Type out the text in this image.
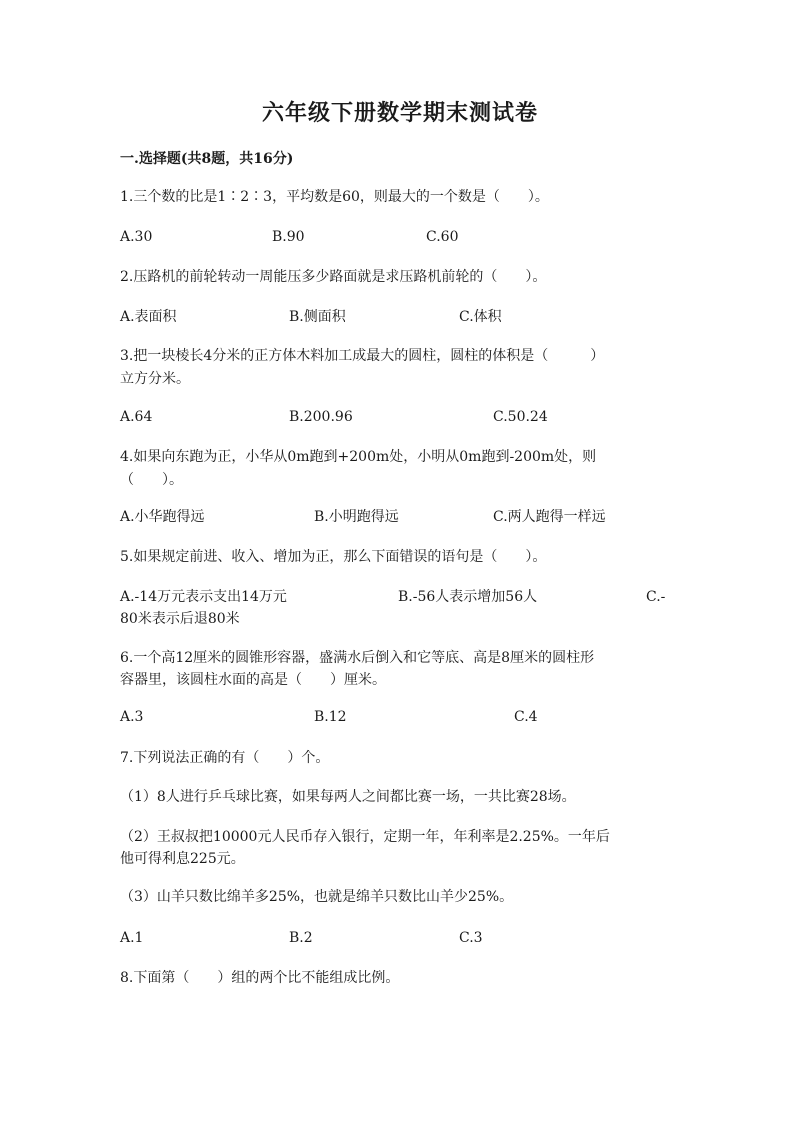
六年级下册数学期末测试卷
一.选择题(共8题，共16分)
1.三个数的比是1∶2∶3，平均数是60，则最大的一个数是（　　）。
A.30	B.90	C.60
2.压路机的前轮转动一周能压多少路面就是求压路机前轮的（　　）。
A.表面积	B.侧面积	C.体积
3.把一块棱长4分米的正方体木料加工成最大的圆柱，圆柱的体积是（　　　）
立方分米。
A.64	B.200.96	C.50.24
4.如果向东跑为正，小华从0m跑到+200m处，小明从0m跑到-200m处，则
（　　）。
A.小华跑得远	B.小明跑得远	C.两人跑得一样远
5.如果规定前进、收入、增加为正，那么下面错误的语句是（　　）。
A.-14万元表示支出14万元	B.-56人表示增加56人	C.-
80米表示后退80米
6.一个高12厘米的圆锥形容器，盛满水后倒入和它等底、高是8厘米的圆柱形
容器里，该圆柱水面的高是（　　）厘米。
A.3	B.12	C.4
7.下列说法正确的有（　　）个。
（1）8人进行乒乓球比赛，如果每两人之间都比赛一场，一共比赛28场。
（2）王叔叔把10000元人民币存入银行，定期一年，年利率是2.25%。一年后
他可得利息225元。
（3）山羊只数比绵羊多25%，也就是绵羊只数比山羊少25%。
A.1	B.2	C.3
8.下面第（　　）组的两个比不能组成比例。
